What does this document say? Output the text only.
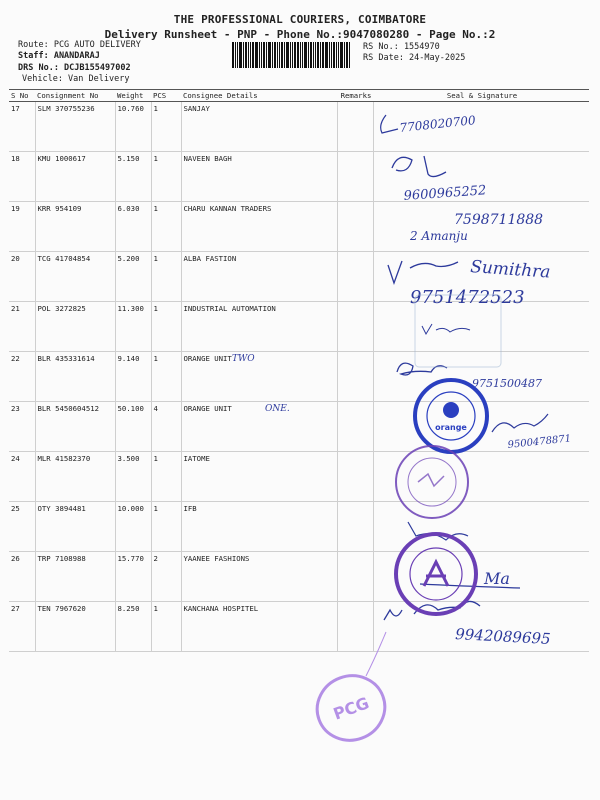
THE PROFESSIONAL COURIERS, COIMBATORE
Delivery Runsheet - PNP - Phone No.:9047080280 - Page No.:2
Route: PCG AUTO DELIVERY
Staff: ANANDARAJ
DRS No.: DCJB155497002
Vehicle: Van Delivery
RS No.: 1554970
RS Date: 24-May-2025
S No	Consignment No	Weight	PCS	Consignee Details	Remarks	Seal & Signature
17	SLM 370755236	10.760	1	SANJAY		
18	KMU 1000617	5.150	1	NAVEEN BAGH		
19	KRR 954109	6.030	1	CHARU KANNAN TRADERS		
20	TCG 41704854	5.200	1	ALBA FASTION		
21	POL 3272825	11.300	1	INDUSTRIAL AUTOMATION		
22	BLR 435331614	9.140	1	ORANGE UNIT		
23	BLR 5450604512	50.100	4	ORANGE UNIT		
24	MLR 41582370	3.500	1	IATOME		
25	OTY 3894481	10.000	1	IFB		
26	TRP 7108988	15.770	2	YAANEE FASHIONS		
27	TEN 7967620	8.250	1	KANCHANA HOSPITEL		
7708020700
9600965252
7598711888
2 Amanju
Sumithra
9751472523
TWO
9751500487
ONE.
9500478871
Ma
9942089695
orange
PCG
